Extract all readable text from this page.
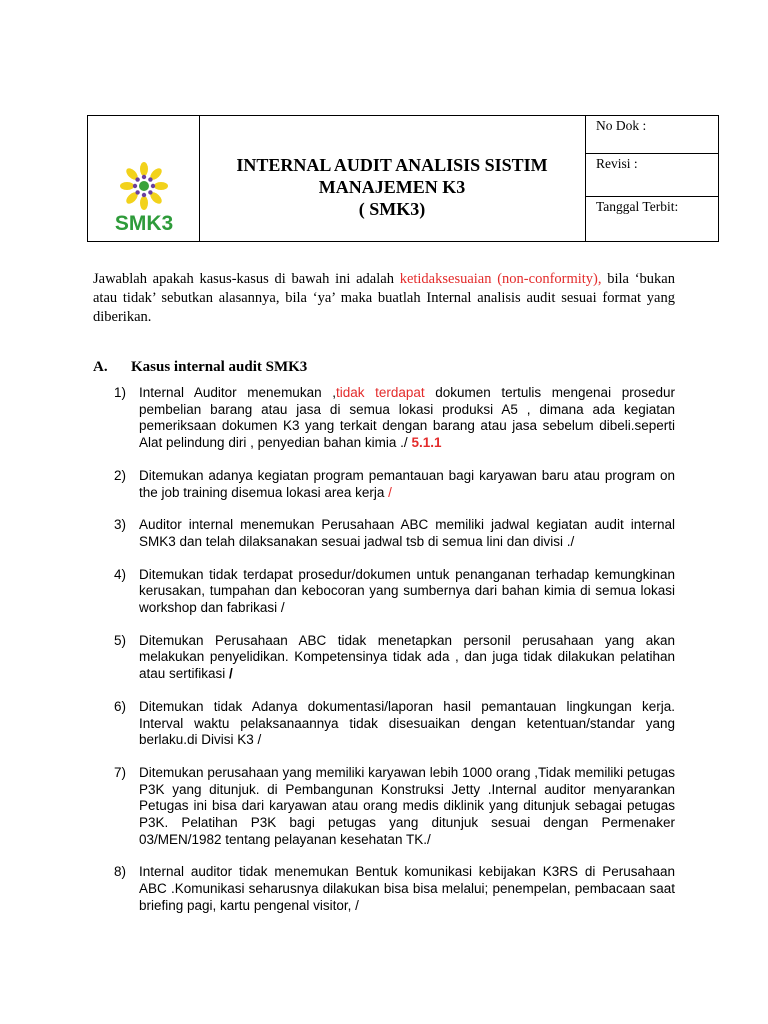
SMK3
INTERNAL AUDIT ANALISIS SISTIM
MANAJEMEN K3
( SMK3)
No Dok :
Revisi :
Tanggal Terbit:

Jawablah apakah kasus-kasus di bawah ini adalah ketidaksesuaian (non-conformity), bila ‘bukan atau tidak’ sebutkan alasannya, bila ‘ya’ maka buatlah Internal analisis audit sesuai format yang diberikan.

A. Kasus internal audit SMK3
1) Internal Auditor menemukan ,tidak terdapat dokumen tertulis mengenai prosedur pembelian barang atau jasa di semua lokasi produksi A5 , dimana ada kegiatan pemeriksaan dokumen K3 yang terkait dengan barang atau jasa sebelum dibeli.seperti Alat pelindung diri , penyedian bahan kimia ./ 5.1.1
2) Ditemukan adanya kegiatan program pemantauan bagi karyawan baru atau program on the job training disemua lokasi area kerja /
3) Auditor internal menemukan Perusahaan ABC memiliki jadwal kegiatan audit internal SMK3 dan telah dilaksanakan sesuai jadwal tsb di semua lini dan divisi ./
4) Ditemukan tidak terdapat prosedur/dokumen untuk penanganan terhadap kemungkinan kerusakan, tumpahan dan kebocoran yang sumbernya dari bahan kimia di semua lokasi workshop dan fabrikasi /
5) Ditemukan Perusahaan ABC tidak menetapkan personil perusahaan yang akan melakukan penyelidikan. Kompetensinya tidak ada , dan juga tidak dilakukan pelatihan atau sertifikasi /
6) Ditemukan tidak Adanya dokumentasi/laporan hasil pemantauan lingkungan kerja. Interval waktu pelaksanaannya tidak disesuaikan dengan ketentuan/standar yang berlaku.di Divisi K3 /
7) Ditemukan perusahaan yang memiliki karyawan lebih 1000 orang ,Tidak memiliki petugas P3K yang ditunjuk. di Pembangunan Konstruksi Jetty .Internal auditor menyarankan Petugas ini bisa dari karyawan atau orang medis diklinik yang ditunjuk sebagai petugas P3K. Pelatihan P3K bagi petugas yang ditunjuk sesuai dengan Permenaker 03/MEN/1982 tentang pelayanan kesehatan TK./
8) Internal auditor tidak menemukan Bentuk komunikasi kebijakan K3RS di Perusahaan ABC .Komunikasi seharusnya dilakukan bisa bisa melalui; penempelan, pembacaan saat briefing pagi, kartu pengenal visitor, /
